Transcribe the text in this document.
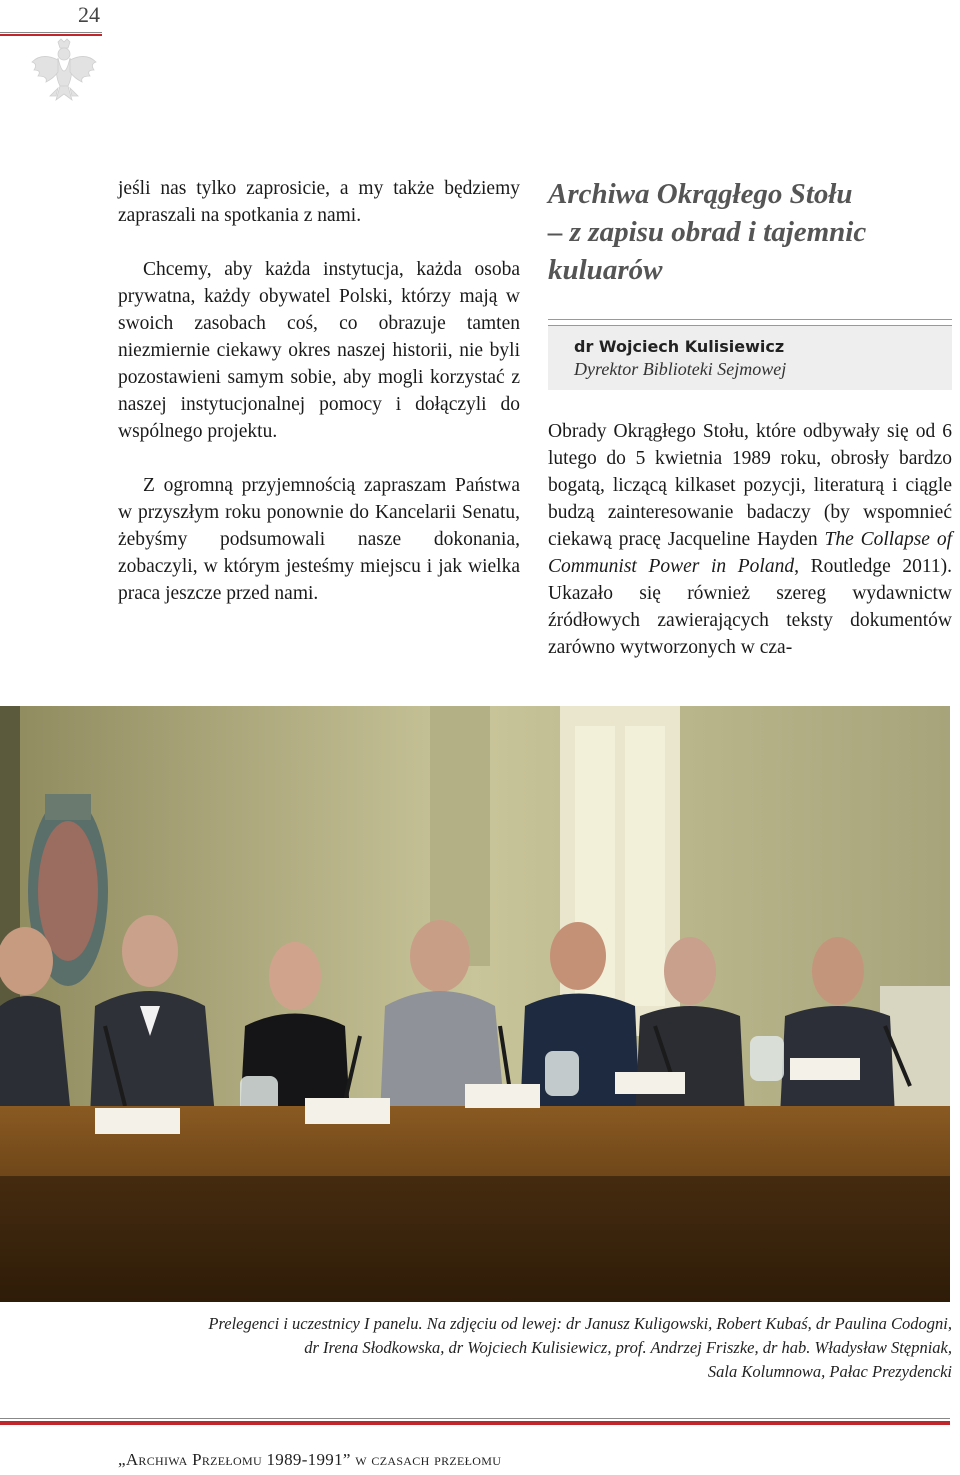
24

jeśli nas tylko zaprosicie, a my także będziemy zapraszali na spotkania z nami.

Chcemy, aby każda instytucja, każda osoba prywatna, każdy obywatel Polski, którzy mają w swoich zasobach coś, co obrazuje tamten niezmiernie ciekawy okres naszej historii, nie byli pozostawieni samym sobie, aby mogli korzystać z naszej instytucjonalnej pomocy i dołączyli do wspólnego projektu.

Z ogromną przyjemnością zapraszam Państwa w przyszłym roku ponownie do Kancelarii Senatu, żebyśmy podsumowali nasze dokonania, zobaczyli, w którym jesteśmy miejscu i jak wielka praca jeszcze przed nami.

Archiwa Okrągłego Stołu
– z zapisu obrad i tajemnic
kuluarów
dr Wojciech Kulisiewicz
Dyrektor Biblioteki Sejmowej

Obrady Okrągłego Stołu, które odbywały się od 6 lutego do 5 kwietnia 1989 roku, obrosły bardzo bogatą, liczącą kilkaset pozycji, literaturą i ciągle budzą zainteresowanie badaczy (by wspomnieć ciekawą pracę Jacqueline Hayden The Collapse of Communist Power in Poland, Routledge 2011). Ukazało się również szereg wydawnictw źródłowych zawierających teksty dokumentów zarówno wytworzonych w cza-

Prelegenci i uczestnicy I panelu. Na zdjęciu od lewej: dr Janusz Kuligowski, Robert Kubaś, dr Paulina Codogni,
dr Irena Słodkowska, dr Wojciech Kulisiewicz, prof. Andrzej Friszke, dr hab. Władysław Stępniak,
Sala Kolumnowa, Pałac Prezydencki
„Archiwa Przełomu 1989-1991” w czasach przełomu
